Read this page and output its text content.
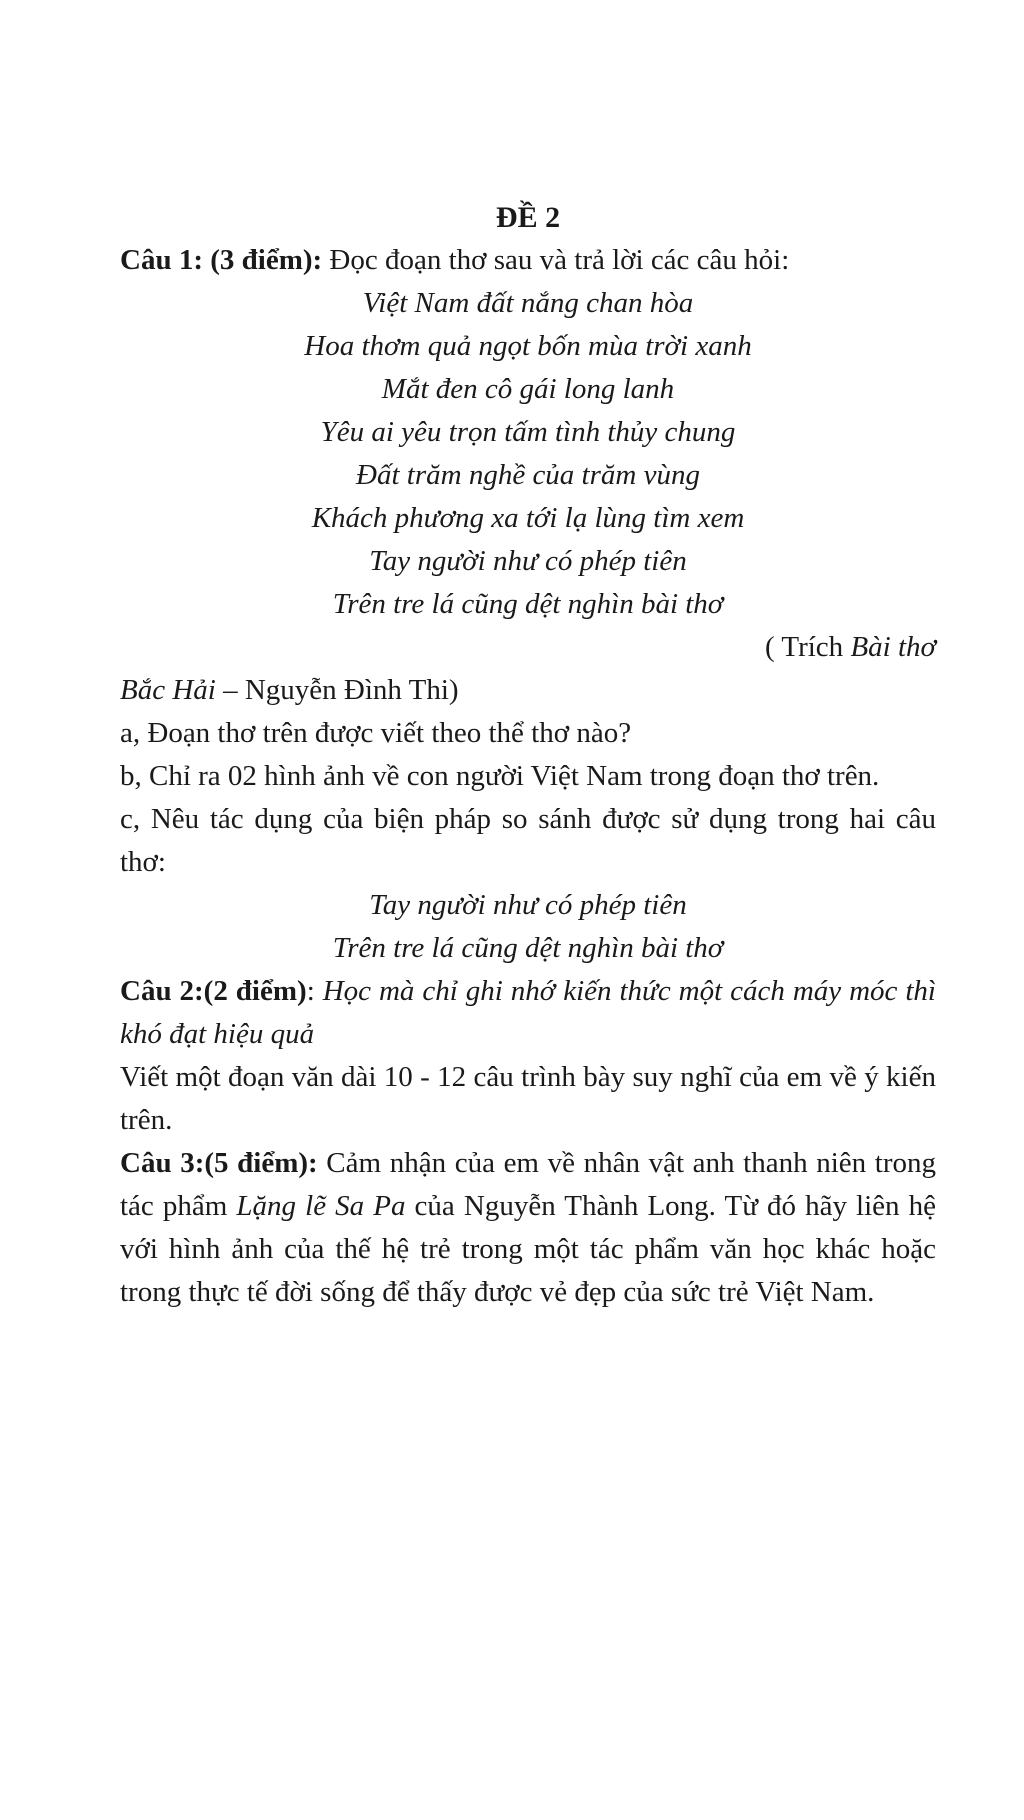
ĐỀ 2

Câu 1: (3 điểm): Đọc đoạn thơ sau và trả lời các câu hỏi:

Việt Nam đất nắng chan hòa
Hoa thơm quả ngọt bốn mùa trời xanh
Mắt đen cô gái long lanh
Yêu ai yêu trọn tấm tình thủy chung
Đất trăm nghề của trăm vùng
Khách phương xa tới lạ lùng tìm xem
Tay người như có phép tiên
Trên tre lá cũng dệt nghìn bài thơ

( Trích Bài thơ

Bắc Hải – Nguyễn Đình Thi)

a, Đoạn thơ trên được viết theo thể thơ nào?

b, Chỉ ra 02 hình ảnh về con người Việt Nam trong đoạn thơ trên.

c, Nêu tác dụng của biện pháp so sánh được sử dụng trong hai câu thơ:

Tay người như có phép tiên
Trên tre lá cũng dệt nghìn bài thơ

Câu 2:(2 điểm): Học mà chỉ ghi nhớ kiến thức một cách máy móc thì khó đạt hiệu quả

Viết một đoạn văn dài 10 - 12 câu trình bày suy nghĩ của em về ý kiến trên.

Câu 3:(5 điểm): Cảm nhận của em về nhân vật anh thanh niên trong tác phẩm Lặng lẽ Sa Pa của Nguyễn Thành Long. Từ đó hãy liên hệ với hình ảnh của thế hệ trẻ trong một tác phẩm văn học khác hoặc trong thực tế đời sống để thấy được vẻ đẹp của sức trẻ Việt Nam.
